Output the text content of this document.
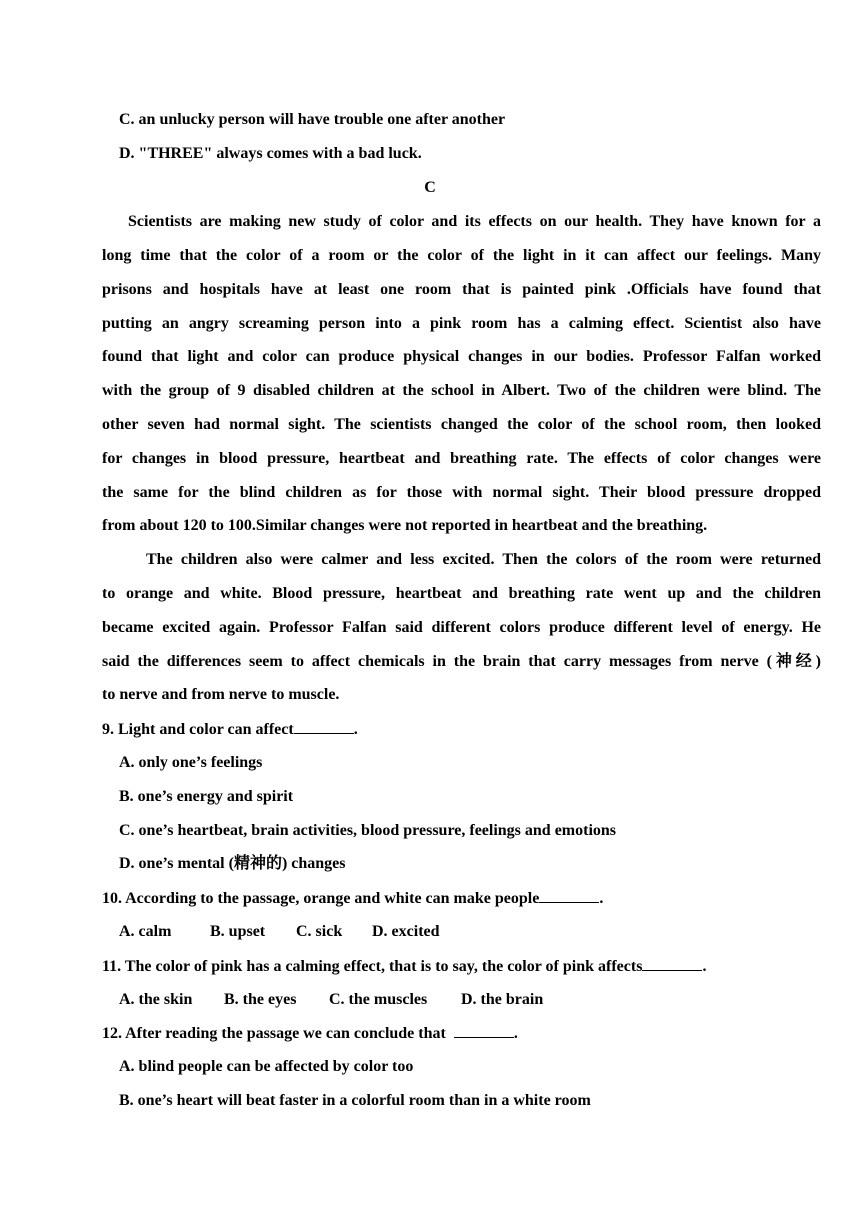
C. an unlucky person will have trouble one after another
D. "THREE" always comes with a bad luck.
C
Scientists are making new study of color and its effects on our health. They have known for a
long time that the color of a room or the color of the light in it can affect our feelings. Many
prisons and hospitals have at least one room that is painted pink .Officials have found that
putting an angry screaming person into a pink room has a calming effect. Scientist also have
found that light and color can produce physical changes in our bodies. Professor Falfan worked
with the group of 9 disabled children at the school in Albert. Two of the children were blind. The
other seven had normal sight. The scientists changed the color of the school room, then looked
for changes in blood pressure, heartbeat and breathing rate. The effects of color changes were
the same for the blind children as for those with normal sight. Their blood pressure dropped
from about 120 to 100.Similar changes were not reported in heartbeat and the breathing.
The children also were calmer and less excited. Then the colors of the room were returned
to orange and white. Blood pressure, heartbeat and breathing rate went up and the children
became excited again. Professor Falfan said different colors produce different level of energy. He
said the differences seem to affect chemicals in the brain that carry messages from nerve (神经)
to nerve and from nerve to muscle.
9. Light and color can affect	.
A. only one’s feelings
B. one’s energy and spirit
C. one’s heartbeat, brain activities, blood pressure, feelings and emotions
D. one’s mental (精神的) changes
10. According to the passage, orange and white can make people	.
A. calm B. upset C. sick D. excited
11. The color of pink has a calming effect, that is to say, the color of pink affects	.
A. the skin B. the eyes C. the muscles D. the brain
12. After reading the passage we can conclude that	.
A. blind people can be affected by color too
B. one’s heart will beat faster in a colorful room than in a white room
